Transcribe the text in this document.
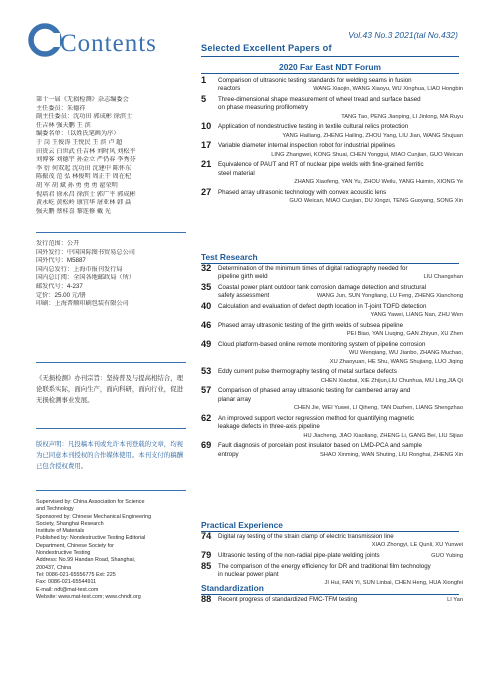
Contents
第十一届《无损检测》杂志编委会
主任委员：朱德祥
副主任委员：沈功田 郭成彬 徐滨士
任吉林 强天鹏 王 滨
编委名单：（以姓氏笔画为序）
于 岗 王俊涛 王悦民 王 滨 卢 超
田贵云 白世武 任吉林 刘时风 刘松平
刘博客 刘德宇 孙金立 严仍春 李秀芬
李 衍 何双起 沈功田 沈建中 陈怀东
陈振茂 范 弘 林俊明 周正干 周在杞
胡 军 胡 斌 孙 勇 勇 勇 翟荣明
倪培君 徐永昌 徐滨士 郭广平 郭成彬
黄永屹 黄松岭 康宜华 屠亚林 韩 焱
强天鹏 蔡桂喜 黎连修 戴 光
发行范围：公开
国外发行：中国国际图书贸易总公司
国外代号：M5887
国内总发行：上海市报刊发行局
国内总订阅：全国各地邮政局（所）
邮发代号：4-237
定价：25.00 元/册
印刷：上海普顺印刷包装有限公司
《无损检测》办刊宗旨：坚持普及与提高相结合，理论联系实际，面向生产，面向科研，面向行业，促进无损检测事业发展。
版权声明：凡投稿本刊或允许本刊登载的文章，均视为已同意本刊授权的合作媒体使用。本刊支付的稿酬已包含授权费用。
Supervised by: China Association for Science
and Technology
Sponsored by: Chinese Mechanical Engineering
Society, Shanghai Research
Institute of Materials
Published by: Nondestructive Testing Editorial
Department, Chinese Society for
Nondestructive Testing
Address: No.99 Handan Road, Shanghai,
200437, China
Tel: 0086-021-65556775 Ext: 225
Fax: 0086-021-65544911
E-mail: ndt@mat-test.com
Website: www.mat-test.com; www.chndt.org
Vol.43 No.3 2021(tal No.432)
Selected Excellent Papers of
2020 Far East NDT Forum
1 Comparison of ultrasonic testing standards for welding seams in fusion
reactors	WANG Xiaojin, WANG Xiaoyu, WU Xinghua, LIAO Hongbin
5 Three-dimensional shape measurement of wheel tread and surface based
on phase measuring profilometry
TANG Tao, PENG Jianping, LI Jinlong, MA Ruyu
10 Application of nondestructive testing in textile cultural relics protection
YANG Hailiang, ZHENG Hailing, ZHOU Yang, LIU Jian, WANG Shujuan
17 Variable diameter internal inspection robot for industrial pipelines
LING Zhangwei, KONG Shuai, CHEN Yonggui, MIAO Cunjian, GUO Weican
21 Equivalence of PAUT and RT of nuclear pipe welds with fine-grained ferritic
steel material
ZHANG Xiaofeng, YAN Yu, ZHOU Weilu, YANG Huimin, XIONG Ye
27 Phased array ultrasonic technology with convex acoustic lens
GUO Weican, MIAO Cunjian, DU Xingzi, TENG Guoyang, SONG Xin
Test Research
32 Determination of the minimum times of digital radiography needed for
pipeline girth weld	LIU Changshan
35 Coastal power plant outdoor tank corrosion damage detection and structural
safety assessment	WANG Jun, SUN Yongliang, LU Feng, ZHENG Xianchong
40 Calculation and evaluation of defect depth location in T-joint TOFD detection
YANG Yawei, LIANG Nan, ZHU Wen
46 Phased array ultrasonic testing of the girth welds of subsea pipeline
PEI Biao, YAN Liuqing, GAN Zhiyun, XU Zhen
49 Cloud platform-based online remote monitoring system of pipeline corrosion
WU Wenqiang, WU Jianbo, ZHANG Muchao,
XU Zhaoyuan, HE Shu, WANG Shujiang, LUO Jiqing
53 Eddy current pulse thermography testing of metal surface defects
CHEN Xiaobai, XIE Zhijun,LIU Chunhua, MU Ling,JIA Qi
57 Comparison of phased array ultrasonic testing for cambered array and
planar array
CHEN Jie, WEI Yuwei, LI Qiheng, TAN Dazhen, LIANG Shengzhao
62 An improved support vector regression method for quantifying magnetic
leakage defects in three-axis pipeline
HU Jiacheng, JIAO Xiaoliang, ZHENG Li, GANG Bei, LIU Sijiao
69 Fault diagnosis of porcelain post insulator based on LMD-PCA and sample
entropy	SHAO Xinming, WAN Shuting, LIU Ronghai, ZHENG Xin
Practical Experience
74 Digital ray testing of the strain clamp of electric transmission line
XIAO Zhongyi, LE Qunli, XU Yunwei
79 Ultrasonic testing of the non-radial pipe-plate welding joints	GUO Yubing
85 The comparison of the energy efficiency for DR and traditional film technology
in nuclear power plant
JI Hui, FAN Yi, SUN Linbai, CHEN Heng, HUA Xiongfei
Standardization
88 Recent progress of standardized FMC-TFM testing	LI Yan
